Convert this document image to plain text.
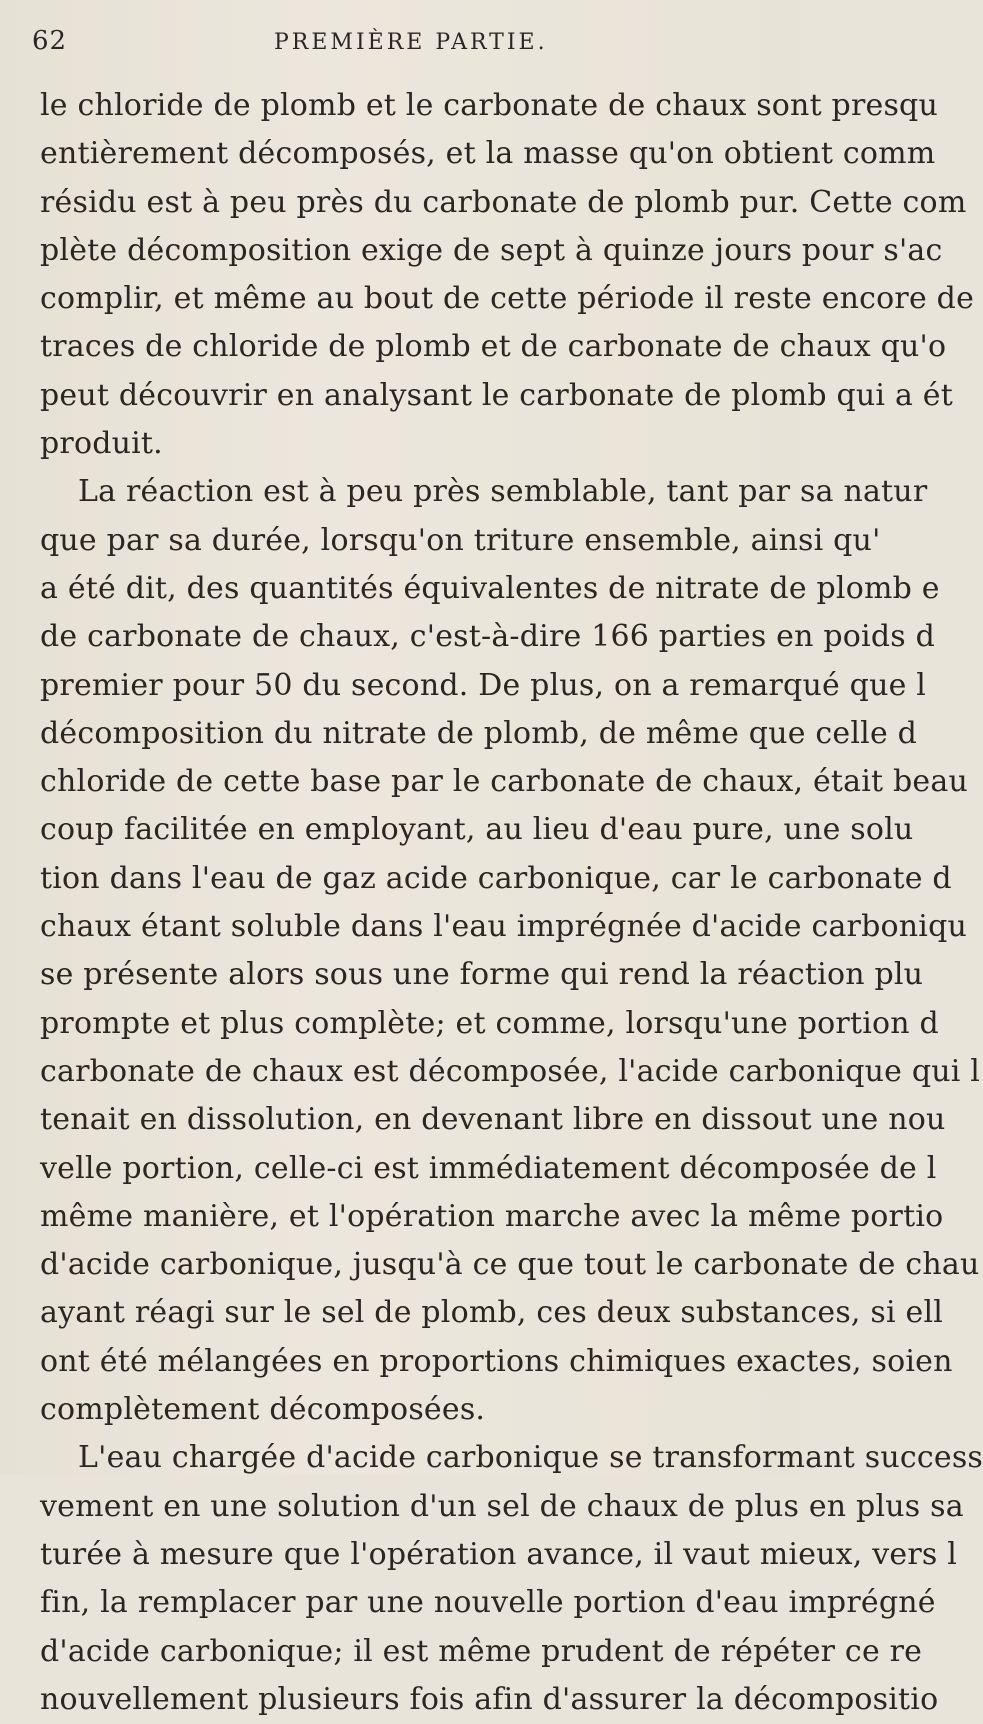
62	PREMIÈRE PARTIE.
le chloride de plomb et le carbonate de chaux sont presqu
entièrement décomposés, et la masse qu'on obtient comm
résidu est à peu près du carbonate de plomb pur. Cette com
plète décomposition exige de sept à quinze jours pour s'ac
complir, et même au bout de cette période il reste encore de
traces de chloride de plomb et de carbonate de chaux qu'o
peut découvrir en analysant le carbonate de plomb qui a ét
produit.
La réaction est à peu près semblable, tant par sa natur
que par sa durée, lorsqu'on triture ensemble, ainsi qu'
a été dit, des quantités équivalentes de nitrate de plomb e
de carbonate de chaux, c'est-à-dire 166 parties en poids d
premier pour 50 du second. De plus, on a remarqué que l
décomposition du nitrate de plomb, de même que celle d
chloride de cette base par le carbonate de chaux, était beau
coup facilitée en employant, au lieu d'eau pure, une solu
tion dans l'eau de gaz acide carbonique, car le carbonate d
chaux étant soluble dans l'eau imprégnée d'acide carboniqu
se présente alors sous une forme qui rend la réaction plu
prompte et plus complète; et comme, lorsqu'une portion d
carbonate de chaux est décomposée, l'acide carbonique qui l
tenait en dissolution, en devenant libre en dissout une nou
velle portion, celle-ci est immédiatement décomposée de l
même manière, et l'opération marche avec la même portio
d'acide carbonique, jusqu'à ce que tout le carbonate de chau
ayant réagi sur le sel de plomb, ces deux substances, si ell
ont été mélangées en proportions chimiques exactes, soien
complètement décomposées.
L'eau chargée d'acide carbonique se transformant success
vement en une solution d'un sel de chaux de plus en plus sa
turée à mesure que l'opération avance, il vaut mieux, vers l
fin, la remplacer par une nouvelle portion d'eau imprégné
d'acide carbonique; il est même prudent de répéter ce re
nouvellement plusieurs fois afin d'assurer la décompositio
